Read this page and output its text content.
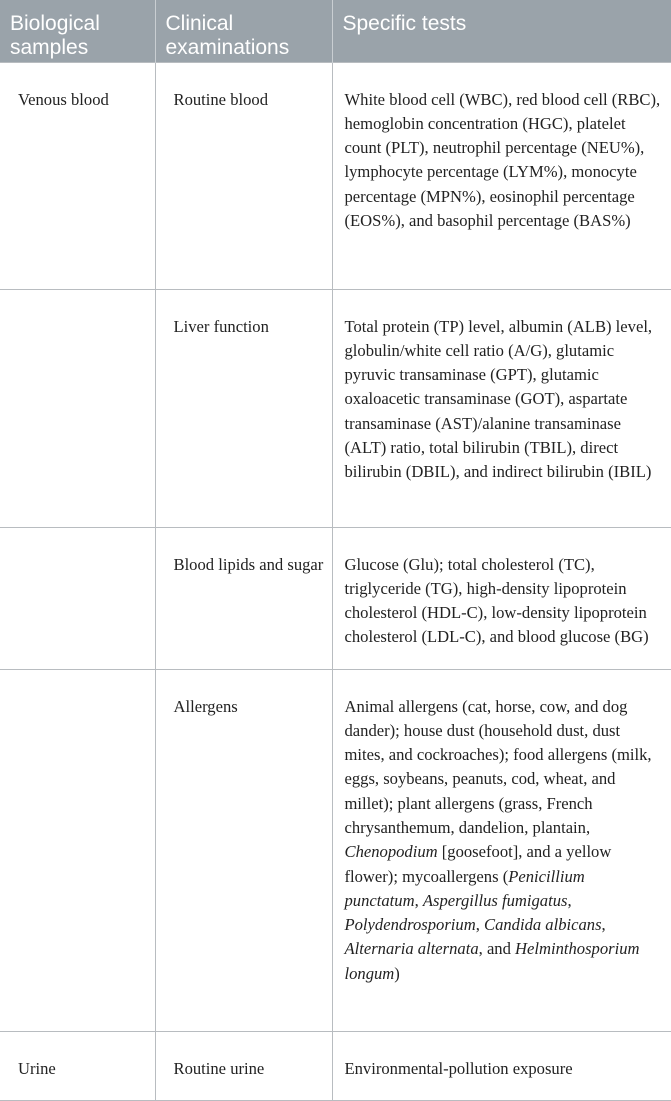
Biological samples	Clinical examinations	Specific tests

Venous blood	Routine blood	White blood cell (WBC), red blood cell (RBC), hemoglobin concentration (HGC), platelet count (PLT), neutrophil percentage (NEU%), lymphocyte percentage (LYM%), monocyte percentage (MPN%), eosinophil percentage (EOS%), and basophil percentage (BAS%)

	Liver function	Total protein (TP) level, albumin (ALB) level, globulin/white cell ratio (A/G), glutamic pyruvic transaminase (GPT), glutamic oxaloacetic transaminase (GOT), aspartate transaminase (AST)/alanine transaminase (ALT) ratio, total bilirubin (TBIL), direct bilirubin (DBIL), and indirect bilirubin (IBIL)

	Blood lipids and sugar	Glucose (Glu); total cholesterol (TC), triglyceride (TG), high-density lipoprotein cholesterol (HDL-C), low-density lipoprotein cholesterol (LDL-C), and blood glucose (BG)

	Allergens	Animal allergens (cat, horse, cow, and dog dander); house dust (household dust, dust mites, and cockroaches); food allergens (milk, eggs, soybeans, peanuts, cod, wheat, and millet); plant allergens (grass, French chrysanthemum, dandelion, plantain, Chenopodium [goosefoot], and a yellow flower); mycoallergens (Penicillium punctatum, Aspergillus fumigatus, Polydendrosporium, Candida albicans, Alternaria alternata, and Helminthosporium longum)

Urine	Routine urine	Environmental-pollution exposure
